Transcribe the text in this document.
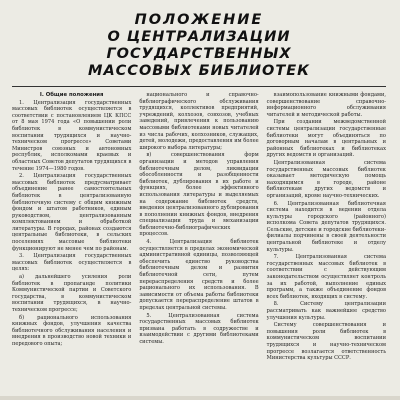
ПОЛОЖЕНИЕ
О ЦЕНТРАЛИЗАЦИИ ГОСУДАРСТВЕННЫХ
МАССОВЫХ БИБЛИОТЕК
I. Общие положения

1. Централизация государственных массовых библиотек осуществляется в соответствии с постановлением ЦК КПСС от 8 мая 1974 года «О повышении роли библиотек в коммунистическом воспитании трудящихся и научно-техническом прогрессе» Советами Министров союзных и автономных республик, исполкомами краевых и областных Советов депутатов трудящихся в течение 1974—1980 годов.

2. Централизация государственных массовых библиотек предусматривает объединение ранее самостоятельных библиотек в централизованную библиотечную систему с общим книжным фондом и штатом работников, единым руководством, централизованным комплектованием и обработкой литературы. В городах, районах создаются центральные библиотеки, в сельских поселениях массовые библиотеки функционируют не менее чем по районам.

3. Централизация государственных массовых библиотек осуществляется в целях:

а) дальнейшего усиления роли библиотек в пропаганде политики Коммунистической партии и Советского государства, в коммунистическом воспитании трудящихся, в научно-техническом прогрессе;

б) рационального использования книжных фондов, улучшения качества библиотечного обслуживания населения и внедрения в производство новой техники и передового опыта;

национального и справочно-библиографического обслуживания трудящихся, коллективов предприятий, учреждений, колхозов, совхозов, учебных заведений, привлечения к пользованию массовыми библиотеками новых читателей из числа рабочих, колхозников, служащих, детей, молодежи, предоставления им более широкого выбора литературы;

в) совершенствования форм организации и методов управления библиотечным делом, ликвидации обособленности и разобщенности библиотек, дублирования в их работе и функциях, более эффективного использования литературы и выделяемых на содержание библиотек средств, введения централизованного дублирования в пополнении книжных фондов, внедрения специализации труда и механизации библиотечно-библиографических процессов.

4. Централизация библиотек осуществляется в пределах экономической административной единицы, позволяющей обеспечить единство руководства библиотечным делом и развития библиотечной сети, путем перераспределения средств и более рационального их использования. В зависимости от объема работы библиотеки допускается перераспределение штатов в пределах центральной системы.

5. Централизованная система государственных массовых библиотек призвана работать в содружестве и взаимодействии с другими библиотеками системы.

взаимопользование книжными фондами, совершенствование справочно-информационного обслуживания читателей и методической работы.

При создании межведомственной системы централизации государственные библиотеки могут объединяться по договорным началам в центральных и районных библиотеках и библиотеках других ведомств и организаций.

Централизованная система государственных массовых библиотек оказывает методическую помощь находящимся в городе, районе библиотекам других ведомств и организаций, кроме научно-технических.

6. Централизованная библиотечная система находится в ведении отдела культуры городского (районного) исполкома Совета депутатов трудящихся. Сельские, детские и городские библиотеки-филиалы подчинены в своей деятельности центральной библиотеке и отделу культуры.

7. Централизованная система государственных массовых библиотек в соответствии с действующим законодательством осуществляет контроль за их работой, выполнение единых программ, а также объединение фондов всех библиотек, входящих в систему.

8. Систему централизации рассматривать как важнейшее средство улучшения культуры.

Систему совершенствования и повышения роли библиотек в коммунистическом воспитании трудящихся и научно-техническом прогрессе возлагается ответственность Министерства культуры СССР.
